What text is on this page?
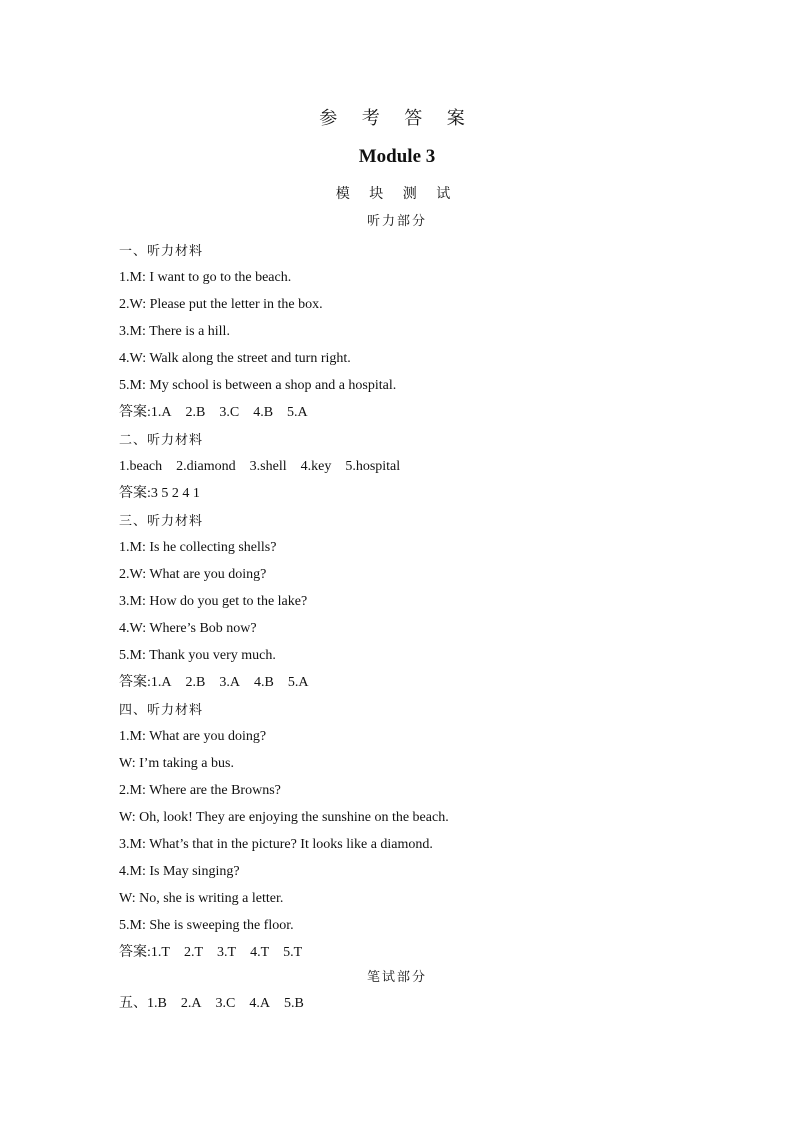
参 考 答 案
Module 3
模 块 测 试
听力部分
一、听力材料
1.M: I want to go to the beach.
2.W: Please put the letter in the box.
3.M: There is a hill.
4.W: Walk along the street and turn right.
5.M: My school is between a shop and a hospital.
答案:1.A 2.B 3.C 4.B 5.A
二、听力材料
1.beach 2.diamond 3.shell 4.key 5.hospital
答案:3 5 2 4 1
三、听力材料
1.M: Is he collecting shells?
2.W: What are you doing?
3.M: How do you get to the lake?
4.W: Where’s Bob now?
5.M: Thank you very much.
答案:1.A 2.B 3.A 4.B 5.A
四、听力材料
1.M: What are you doing?
W: I’m taking a bus.
2.M: Where are the Browns?
W: Oh, look! They are enjoying the sunshine on the beach.
3.M: What’s that in the picture? It looks like a diamond.
4.M: Is May singing?
W: No, she is writing a letter.
5.M: She is sweeping the floor.
答案:1.T 2.T 3.T 4.T 5.T
笔试部分
五、1.B 2.A 3.C 4.A 5.B
